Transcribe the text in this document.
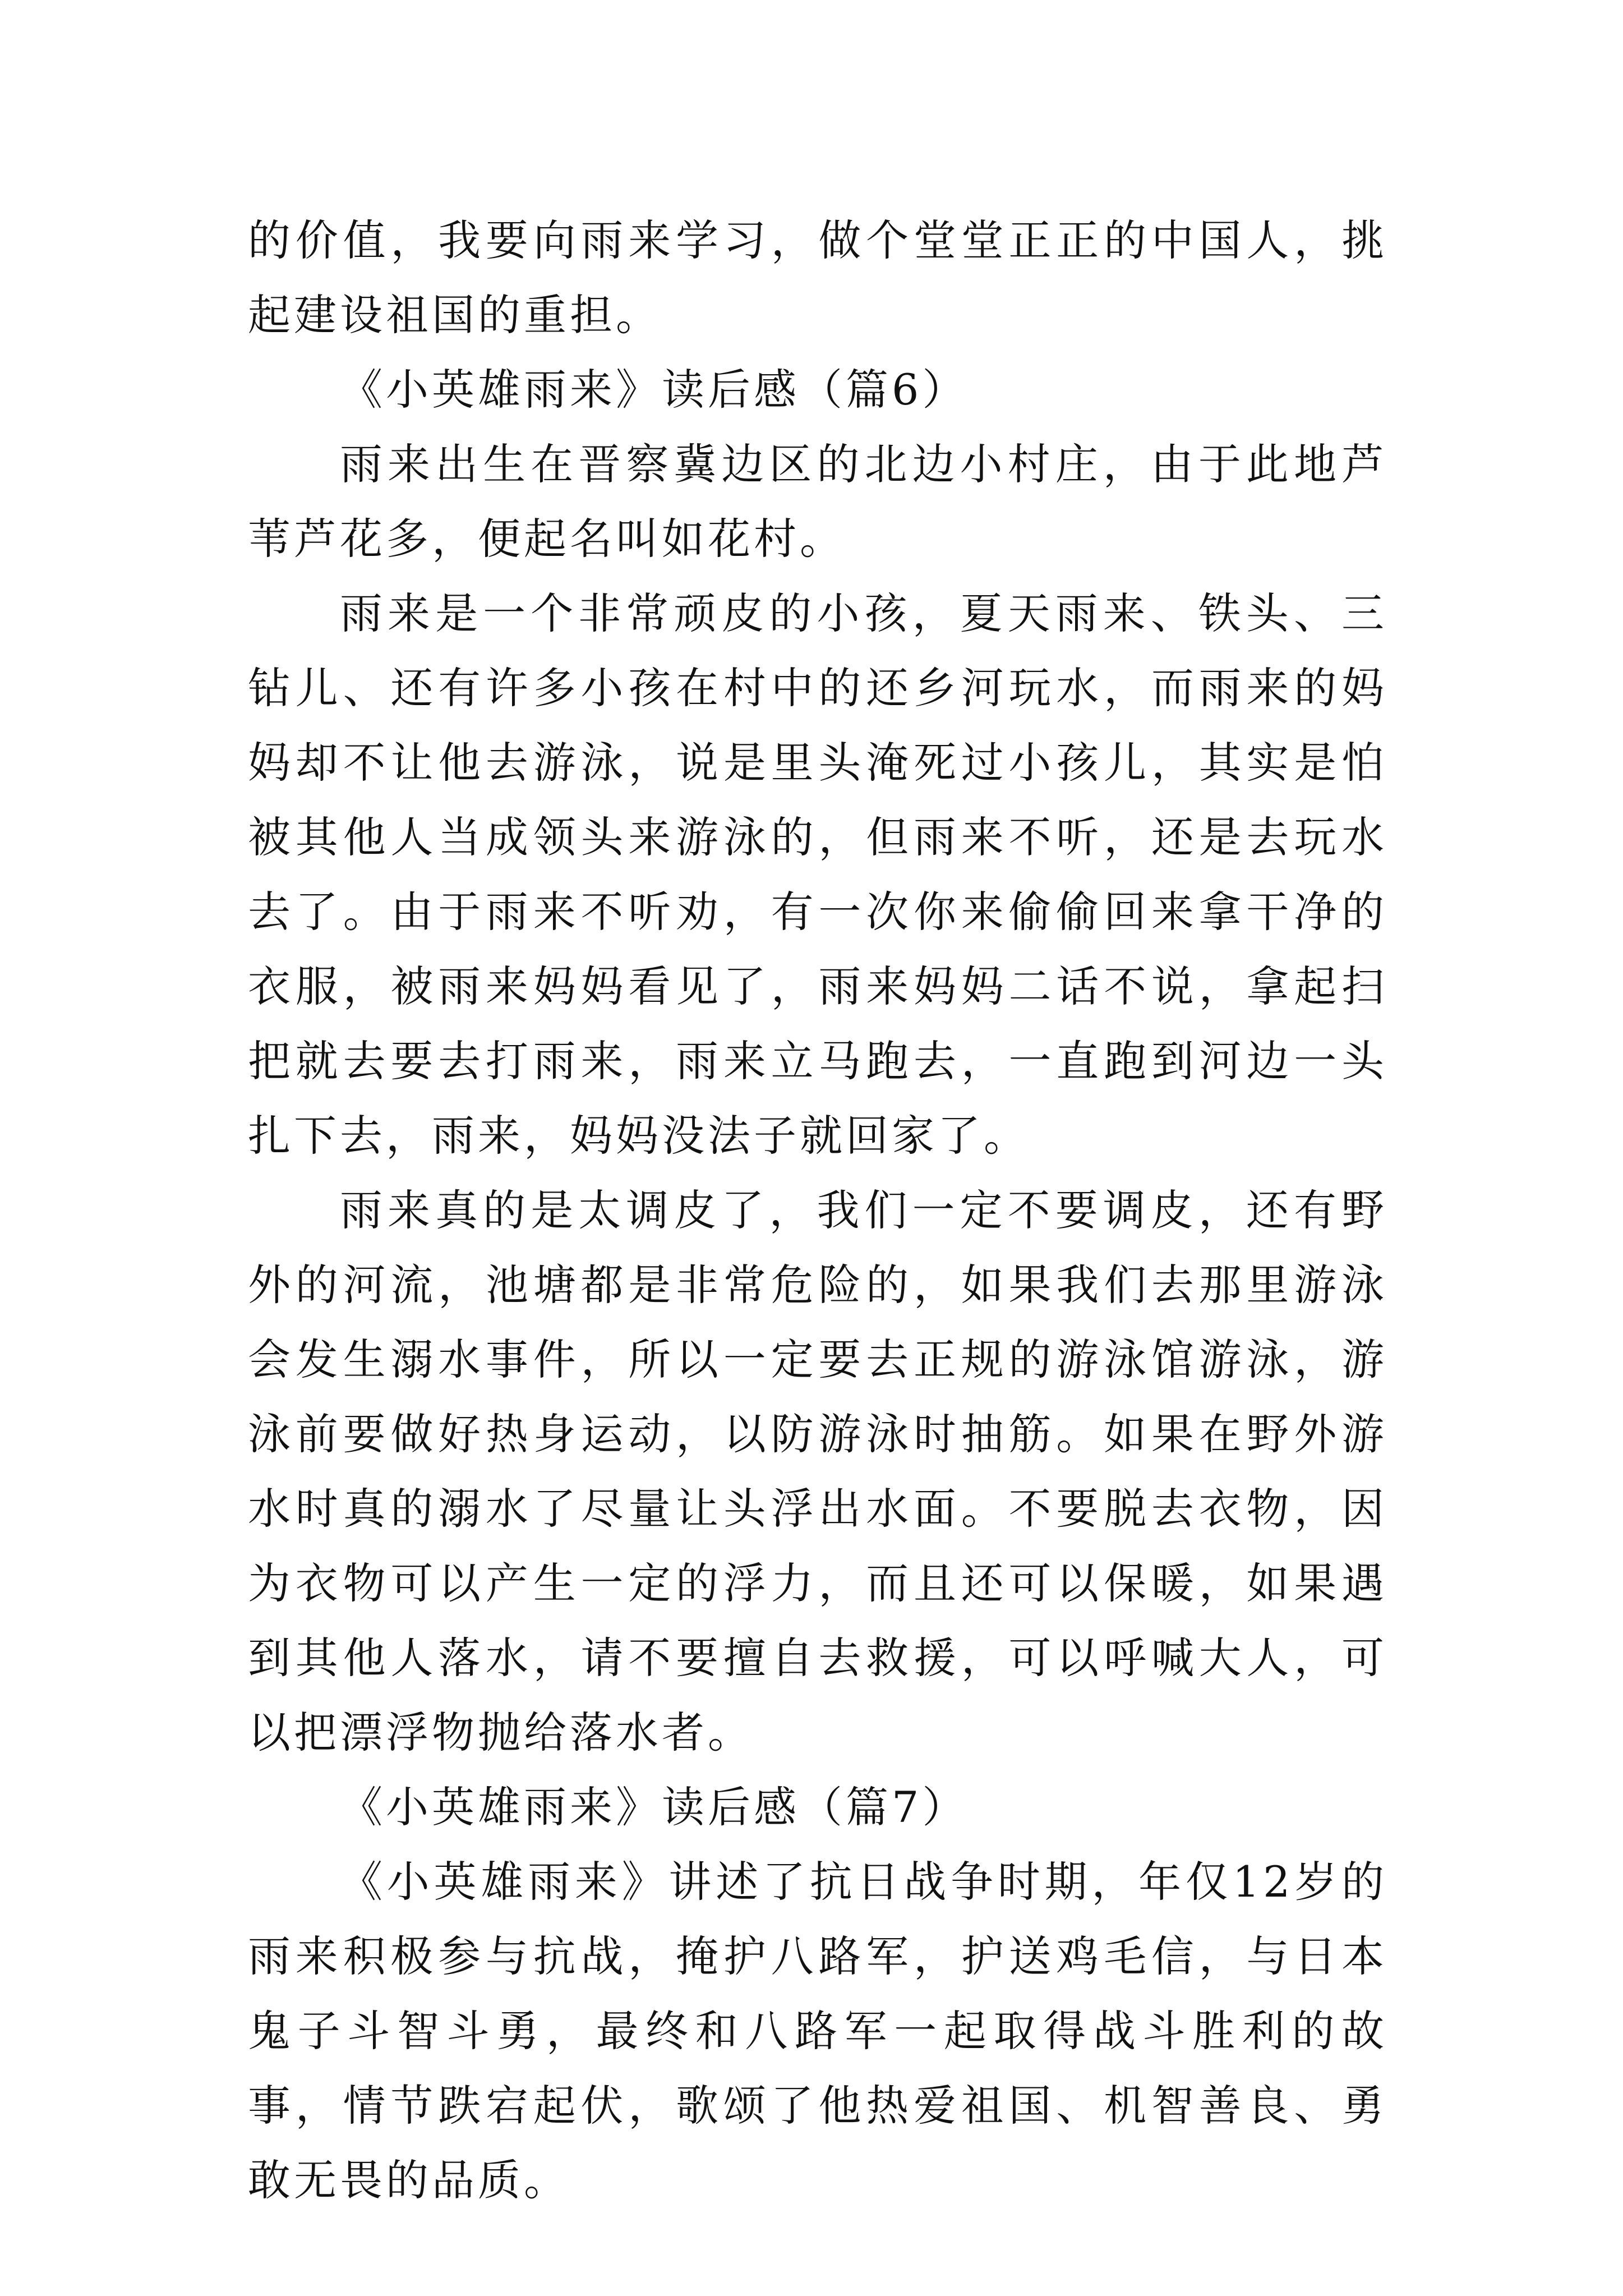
的价值，我要向雨来学习，做个堂堂正正的中国人，挑起建设祖国的重担。

《小英雄雨来》读后感（篇6）

雨来出生在晋察冀边区的北边小村庄，由于此地芦苇芦花多，便起名叫如花村。

雨来是一个非常顽皮的小孩，夏天雨来、铁头、三钻儿、还有许多小孩在村中的还乡河玩水，而雨来的妈妈却不让他去游泳，说是里头淹死过小孩儿，其实是怕被其他人当成领头来游泳的，但雨来不听，还是去玩水去了。由于雨来不听劝，有一次你来偷偷回来拿干净的衣服，被雨来妈妈看见了，雨来妈妈二话不说，拿起扫把就去要去打雨来，雨来立马跑去，一直跑到河边一头扎下去，雨来，妈妈没法子就回家了。

雨来真的是太调皮了，我们一定不要调皮，还有野外的河流，池塘都是非常危险的，如果我们去那里游泳会发生溺水事件，所以一定要去正规的游泳馆游泳，游泳前要做好热身运动，以防游泳时抽筋。如果在野外游水时真的溺水了尽量让头浮出水面。不要脱去衣物，因为衣物可以产生一定的浮力，而且还可以保暖，如果遇到其他人落水，请不要擅自去救援，可以呼喊大人，可以把漂浮物抛给落水者。

《小英雄雨来》读后感（篇7）

《小英雄雨来》讲述了抗日战争时期，年仅12岁的雨来积极参与抗战，掩护八路军，护送鸡毛信，与日本鬼子斗智斗勇，最终和八路军一起取得战斗胜利的故事，情节跌宕起伏，歌颂了他热爱祖国、机智善良、勇敢无畏的品质。
